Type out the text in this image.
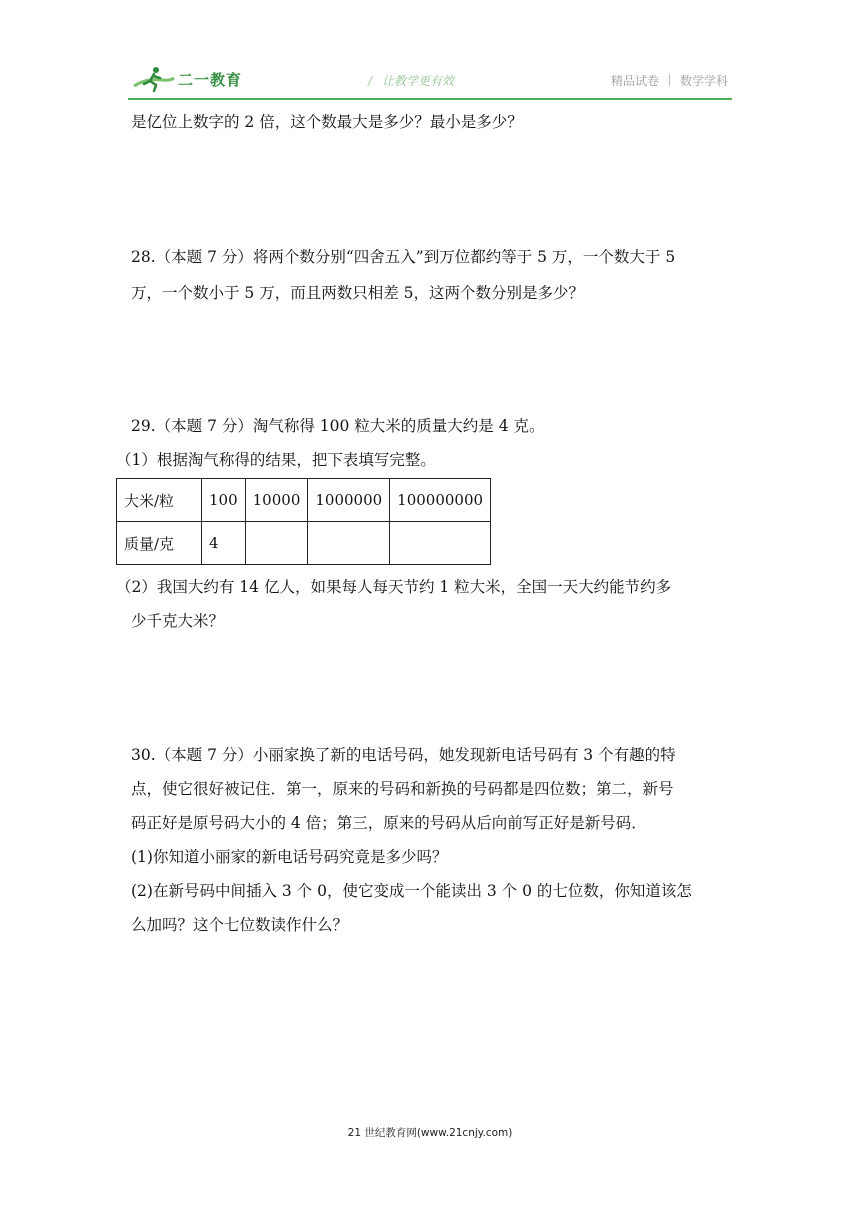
二一教育	/ 让教学更有效	精品试卷 数学学科
是亿位上数字的 2 倍，这个数最大是多少？最小是多少？
28.（本题 7 分）将两个数分别“四舍五入”到万位都约等于 5 万，一个数大于 5
万，一个数小于 5 万，而且两数只相差 5，这两个数分别是多少？
29.（本题 7 分）淘气称得 100 粒大米的质量大约是 4 克。
（1）根据淘气称得的结果，把下表填写完整。
大米/粒	100	10000	1000000	100000000
质量/克	4			
（2）我国大约有 14 亿人，如果每人每天节约 1 粒大米，全国一天大约能节约多
少千克大米？
30.（本题 7 分）小丽家换了新的电话号码，她发现新电话号码有 3 个有趣的特
点，使它很好被记住．第一，原来的号码和新换的号码都是四位数；第二，新号
码正好是原号码大小的 4 倍；第三，原来的号码从后向前写正好是新号码．
(1)你知道小丽家的新电话号码究竟是多少吗？
(2)在新号码中间插入 3 个 0，使它变成一个能读出 3 个 0 的七位数，你知道该怎
么加吗？这个七位数读作什么？
21 世纪教育网(www.21cnjy.com)
